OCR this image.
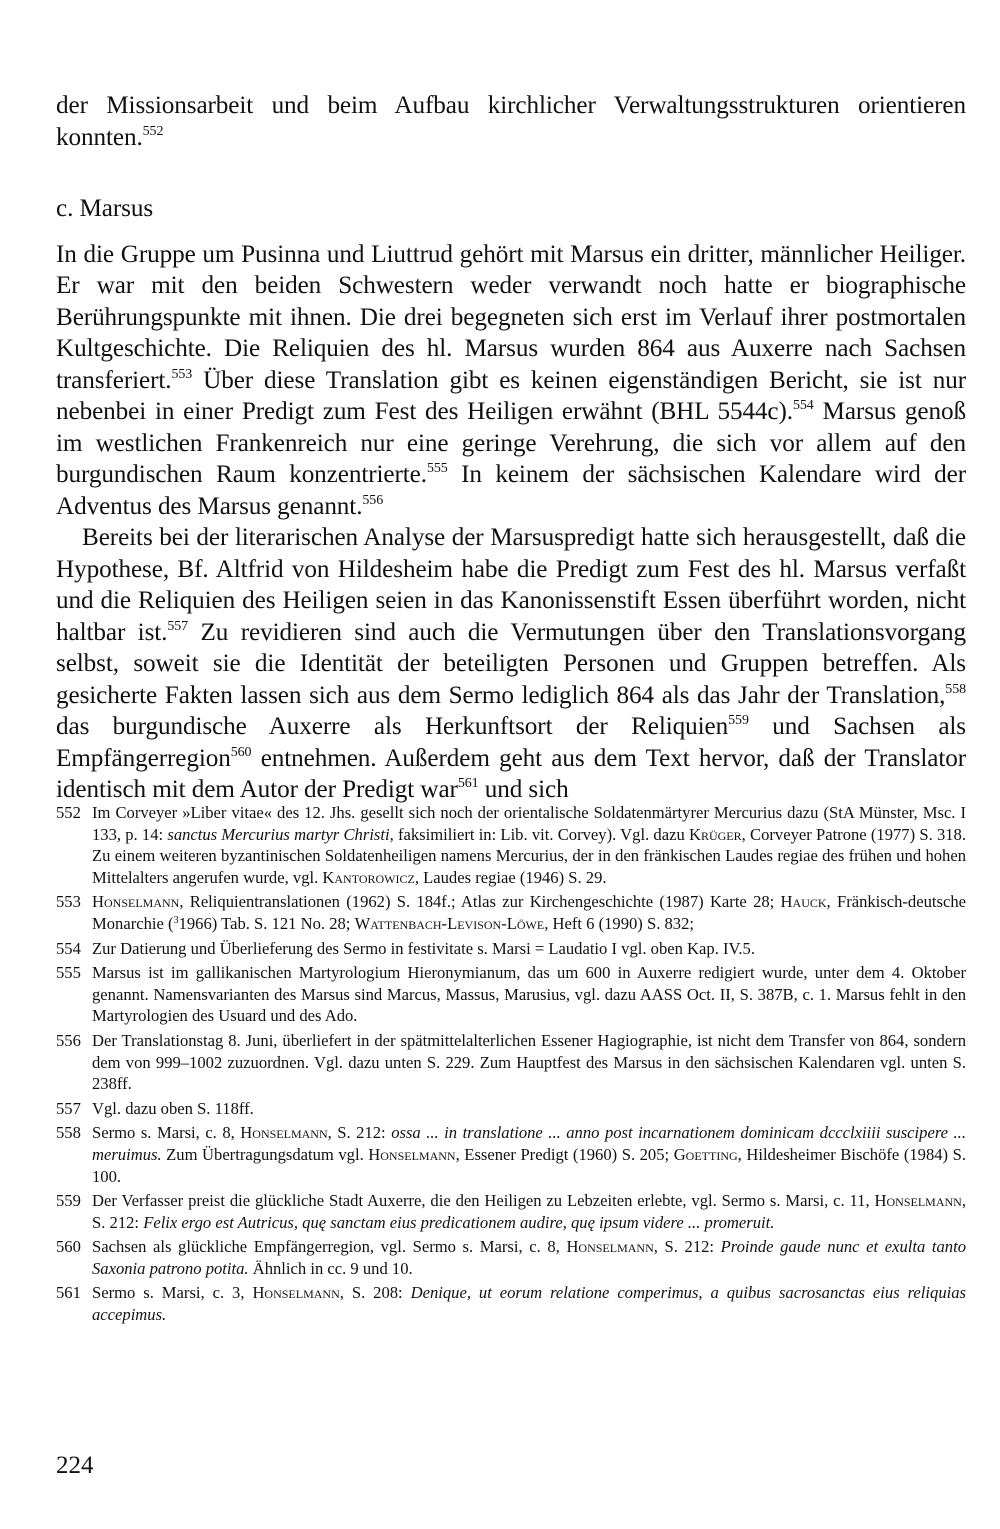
der Missionsarbeit und beim Aufbau kirchlicher Verwaltungsstrukturen orientieren konnten.$^{552}$

c. Marsus

In die Gruppe um Pusinna und Liuttrud gehört mit Marsus ein dritter, männlicher Heiliger. Er war mit den beiden Schwestern weder verwandt noch hatte er biographische Berührungspunkte mit ihnen. Die drei begegneten sich erst im Verlauf ihrer postmortalen Kultgeschichte. Die Reliquien des hl. Marsus wurden 864 aus Auxerre nach Sachsen transferiert.$^{553}$ Über diese Translation gibt es keinen eigenständigen Bericht, sie ist nur nebenbei in einer Predigt zum Fest des Heiligen erwähnt (BHL 5544c).$^{554}$ Marsus genoß im westlichen Frankenreich nur eine geringe Verehrung, die sich vor allem auf den burgundischen Raum konzentrierte.$^{555}$ In keinem der sächsischen Kalendare wird der Adventus des Marsus genannt.$^{556}$

Bereits bei der literarischen Analyse der Marsuspredigt hatte sich herausgestellt, daß die Hypothese, Bf. Altfrid von Hildesheim habe die Predigt zum Fest des hl. Marsus verfaßt und die Reliquien des Heiligen seien in das Kanonissenstift Essen überführt worden, nicht haltbar ist.$^{557}$ Zu revidieren sind auch die Vermutungen über den Translationsvorgang selbst, soweit sie die Identität der beteiligten Personen und Gruppen betreffen. Als gesicherte Fakten lassen sich aus dem Sermo lediglich 864 als das Jahr der Translation,$^{558}$ das burgundische Auxerre als Herkunftsort der Reliquien$^{559}$ und Sachsen als Empfängerregion$^{560}$ entnehmen. Außerdem geht aus dem Text hervor, daß der Translator identisch mit dem Autor der Predigt war$^{561}$ und sich

552 Im Corveyer »Liber vitae« des 12. Jhs. gesellt sich noch der orientalische Soldatenmärtyrer Mercurius dazu (StA Münster, Msc. I 133, p. 14: sanctus Mercurius martyr Christi, faksimiliert in: Lib. vit. Corvey). Vgl. dazu Krüger, Corveyer Patrone (1977) S. 318. Zu einem weiteren byzantinischen Soldatenheiligen namens Mercurius, der in den fränkischen Laudes regiae des frühen und hohen Mittelalters angerufen wurde, vgl. Kantorowicz, Laudes regiae (1946) S. 29.
553 Honselmann, Reliquientranslationen (1962) S. 184f.; Atlas zur Kirchengeschichte (1987) Karte 28; Hauck, Fränkisch-deutsche Monarchie ($^3$1966) Tab. S. 121 No. 28; Wattenbach-Levison-Löwe, Heft 6 (1990) S. 832;
554 Zur Datierung und Überlieferung des Sermo in festivitate s. Marsi = Laudatio I vgl. oben Kap. IV.5.
555 Marsus ist im gallikanischen Martyrologium Hieronymianum, das um 600 in Auxerre redigiert wurde, unter dem 4. Oktober genannt. Namensvarianten des Marsus sind Marcus, Massus, Marusius, vgl. dazu AASS Oct. II, S. 387B, c. 1. Marsus fehlt in den Martyrologien des Usuard und des Ado.
556 Der Translationstag 8. Juni, überliefert in der spätmittelalterlichen Essener Hagiographie, ist nicht dem Transfer von 864, sondern dem von 999–1002 zuzuordnen. Vgl. dazu unten S. 229. Zum Hauptfest des Marsus in den sächsischen Kalendaren vgl. unten S. 238ff.
557 Vgl. dazu oben S. 118ff.
558 Sermo s. Marsi, c. 8, Honselmann, S. 212: ossa ... in translatione ... anno post incarnationem dominicam dccclxiiii suscipere ... meruimus. Zum Übertragungsdatum vgl. Honselmann, Essener Predigt (1960) S. 205; Goetting, Hildesheimer Bischöfe (1984) S. 100.
559 Der Verfasser preist die glückliche Stadt Auxerre, die den Heiligen zu Lebzeiten erlebte, vgl. Sermo s. Marsi, c. 11, Honselmann, S. 212: Felix ergo est Autricus, quę sanctam eius predicationem audire, quę ipsum videre ... promeruit.
560 Sachsen als glückliche Empfängerregion, vgl. Sermo s. Marsi, c. 8, Honselmann, S. 212: Proinde gaude nunc et exulta tanto Saxonia patrono potita. Ähnlich in cc. 9 und 10.
561 Sermo s. Marsi, c. 3, Honselmann, S. 208: Denique, ut eorum relatione comperimus, a quibus sacrosanctas eius reliquias accepimus.
224
